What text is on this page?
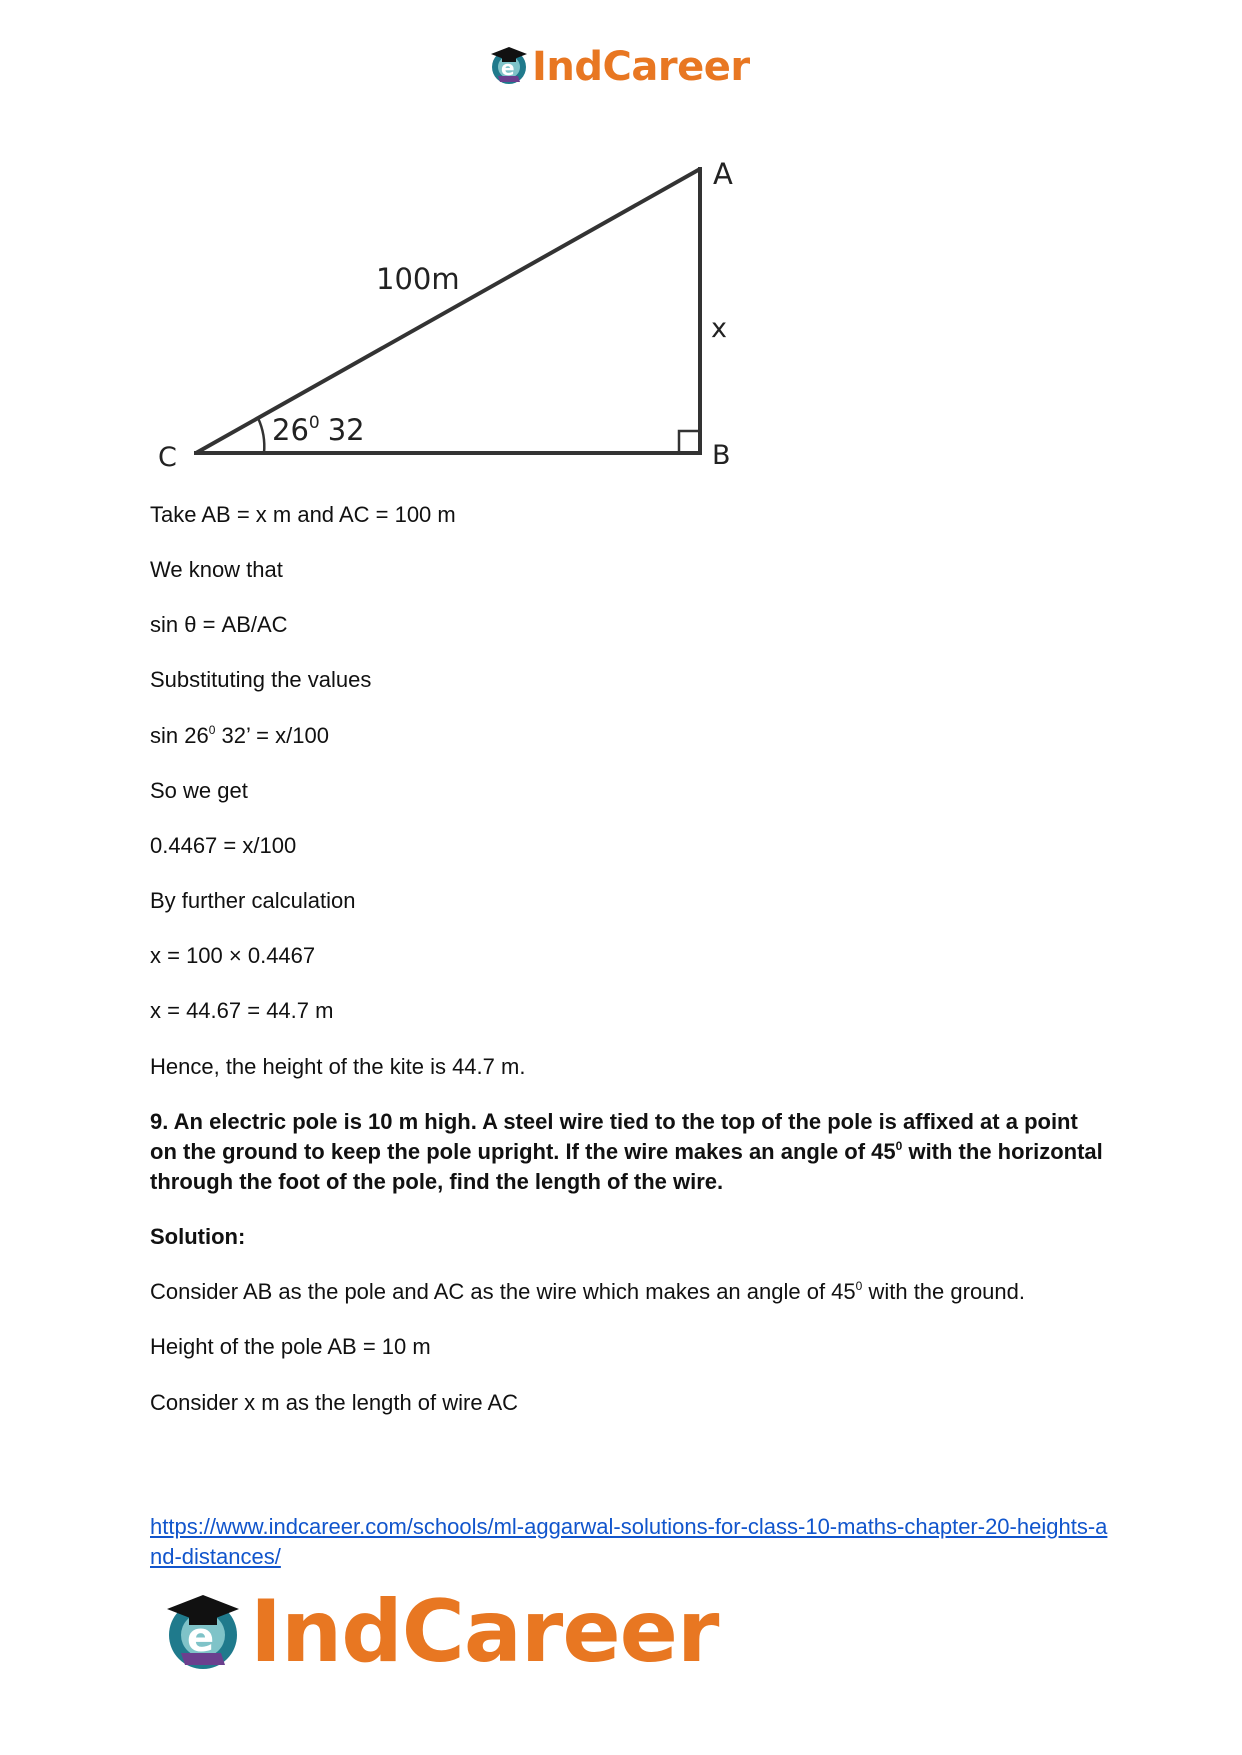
e IndCareer
A
B
C
100m
x
$26^0$ 32
Take AB = x m and AC = 100 m
We know that
sin θ = AB/AC
Substituting the values
$\sin 26^0$ 32’ = x/100
So we get
0.4467 = x/100
By further calculation
x = 100 × 0.4467
x = 44.67 = 44.7 m
Hence, the height of the kite is 44.7 m.
9. An electric pole is 10 m high. A steel wire tied to the top of the pole is affixed at a point on the ground to keep the pole upright. If the wire makes an angle of $45^0$ with the horizontal through the foot of the pole, find the length of the wire.
Solution:
Consider AB as the pole and AC as the wire which makes an angle of $45^0$ with the ground.
Height of the pole AB = 10 m
Consider x m as the length of wire AC
https://www.indcareer.com/schools/ml-aggarwal-solutions-for-class-10-maths-chapter-20-heights-and-distances/
e IndCareer
